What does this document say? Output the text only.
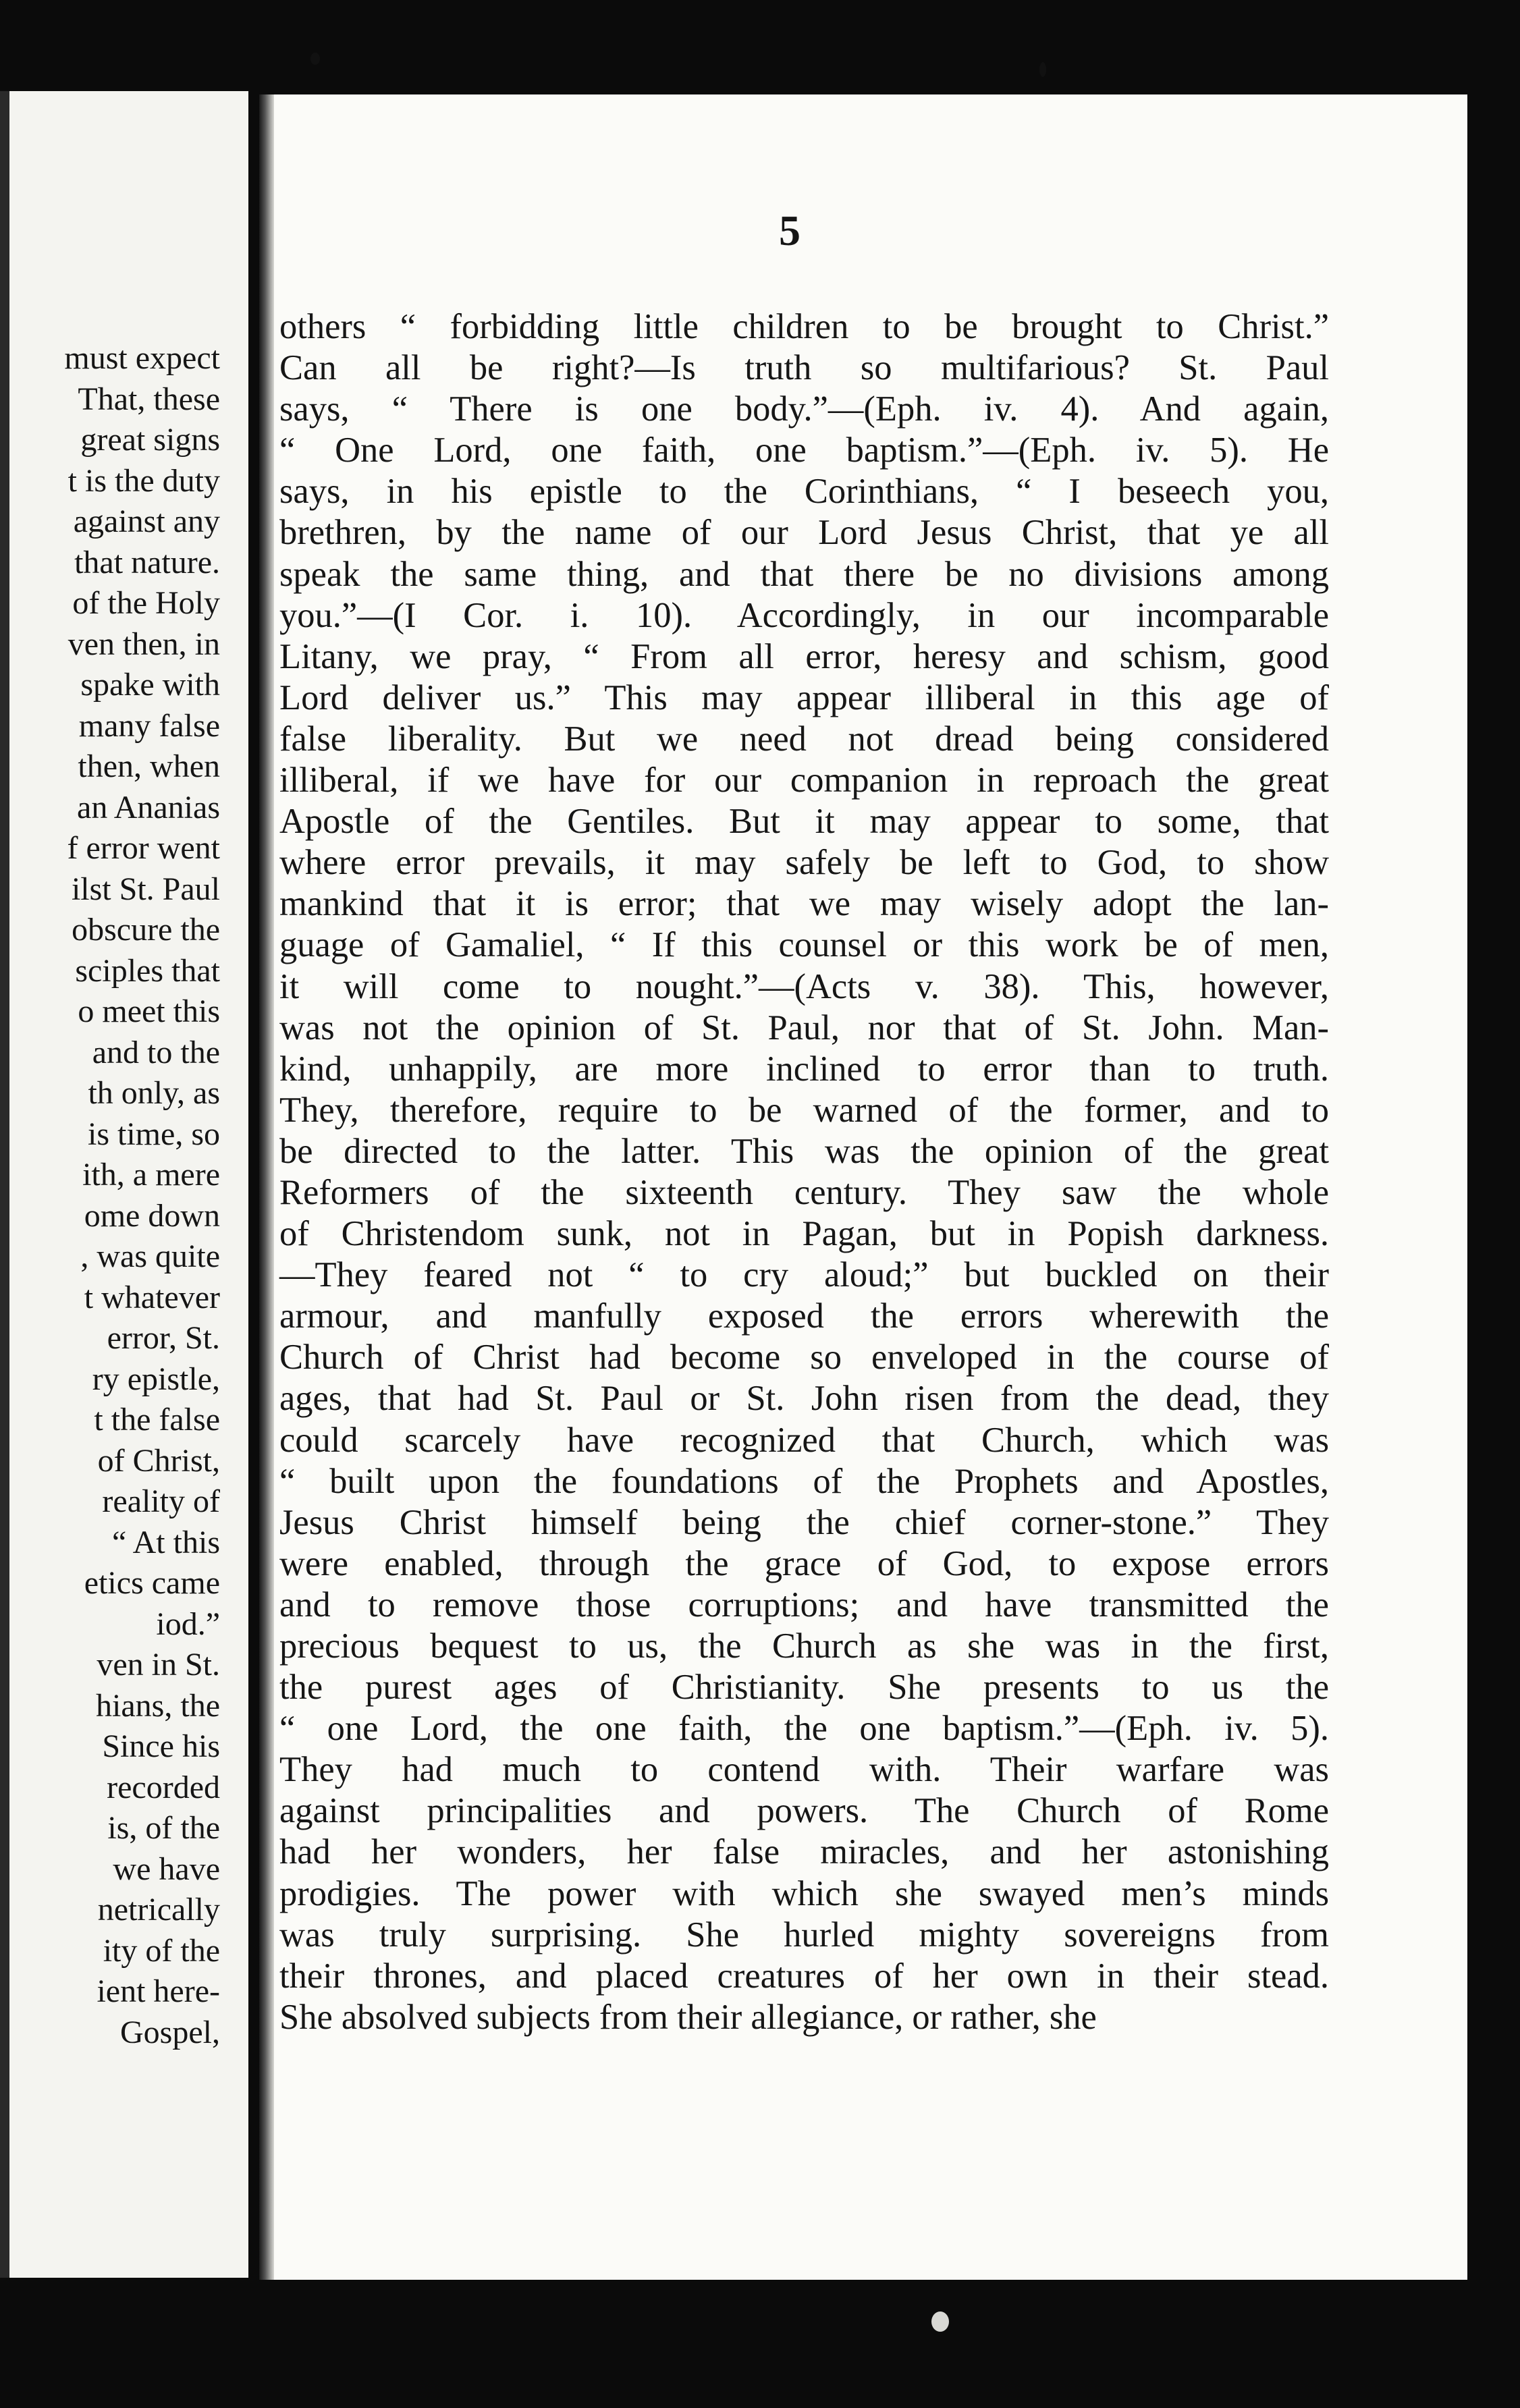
must expect
That, these
great signs
t is the duty
against any
that nature.
of the Holy
ven then, in
spake with
many false
then, when
an Ananias
f error went
ilst St. Paul
obscure the
sciples that
o meet this
and to the
th only, as
is time, so
ith, a mere
ome down
, was quite
t whatever
error, St.
ry epistle,
t the false
of Christ,
reality of
“ At this
etics came
iod.”
ven in St.
hians, the
Since his
recorded
is, of the
we have
netrically
ity of the
ient here-
Gospel,
5
others “ forbidding little children to be brought to Christ.”
Can all be right?—Is truth so multifarious? St. Paul
says, “ There is one body.”—(Eph. iv. 4). And again,
“ One Lord, one faith, one baptism.”—(Eph. iv. 5). He
says, in his epistle to the Corinthians, “ I beseech you,
brethren, by the name of our Lord Jesus Christ, that ye all
speak the same thing, and that there be no divisions among
you.”—(I Cor. i. 10). Accordingly, in our incomparable
Litany, we pray, “ From all error, heresy and schism, good
Lord deliver us.” This may appear illiberal in this age of
false liberality. But we need not dread being considered
illiberal, if we have for our companion in reproach the great
Apostle of the Gentiles. But it may appear to some, that
where error prevails, it may safely be left to God, to show
mankind that it is error; that we may wisely adopt the lan-
guage of Gamaliel, “ If this counsel or this work be of men,
it will come to nought.”—(Acts v. 38). This, however,
was not the opinion of St. Paul, nor that of St. John. Man-
kind, unhappily, are more inclined to error than to truth.
They, therefore, require to be warned of the former, and to
be directed to the latter. This was the opinion of the great
Reformers of the sixteenth century. They saw the whole
of Christendom sunk, not in Pagan, but in Popish darkness.
—They feared not “ to cry aloud;” but buckled on their
armour, and manfully exposed the errors wherewith the
Church of Christ had become so enveloped in the course of
ages, that had St. Paul or St. John risen from the dead, they
could scarcely have recognized that Church, which was
“ built upon the foundations of the Prophets and Apostles,
Jesus Christ himself being the chief corner-stone.” They
were enabled, through the grace of God, to expose errors
and to remove those corruptions; and have transmitted the
precious bequest to us, the Church as she was in the first,
the purest ages of Christianity. She presents to us the
“ one Lord, the one faith, the one baptism.”—(Eph. iv. 5).
They had much to contend with. Their warfare was
against principalities and powers. The Church of Rome
had her wonders, her false miracles, and her astonishing
prodigies. The power with which she swayed men’s minds
was truly surprising. She hurled mighty sovereigns from
their thrones, and placed creatures of her own in their stead.
She absolved subjects from their allegiance, or rather, she
